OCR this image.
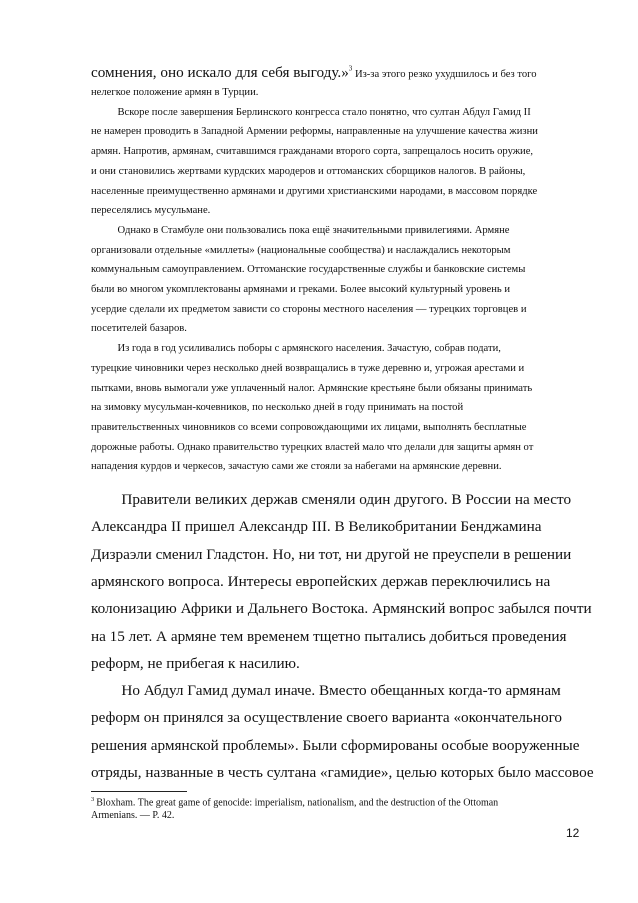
сомнения, оно искало для себя выгоду.»$^3$ Из-за этого резко ухудшилось и без того
нелегкое положение армян в Турции.
Вскоре после завершения Берлинского конгресса стало понятно, что султан Абдул Гамид II
не намерен проводить в Западной Армении реформы, направленные на улучшение качества жизни
армян. Напротив, армянам, считавшимся гражданами второго сорта, запрещалось носить оружие,
и они становились жертвами курдских мародеров и оттоманских сборщиков налогов. В районы,
населенные преимущественно армянами и другими христианскими народами, в массовом порядке
переселялись мусульмане.
Однако в Стамбуле они пользовались пока ещё значительными привилегиями. Армяне
организовали отдельные «миллеты» (национальные сообщества) и наслаждались некоторым
коммунальным самоуправлением. Оттоманские государственные службы и банковские системы
были во многом укомплектованы армянами и греками. Более высокий культурный уровень и
усердие сделали их предметом зависти со стороны местного населения — турецких торговцев и
посетителей базаров.
Из года в год усиливались поборы с армянского населения. Зачастую, собрав подати,
турецкие чиновники через несколько дней возвращались в туже деревню и, угрожая арестами и
пытками, вновь вымогали уже уплаченный налог. Армянские крестьяне были обязаны принимать
на зимовку мусульман-кочевников, по несколько дней в году принимать на постой
правительственных чиновников со всеми сопровождающими их лицами, выполнять бесплатные
дорожные работы. Однако правительство турецких властей мало что делали для защиты армян от
нападения курдов и черкесов, зачастую сами же стояли за набегами на армянские деревни.
Правители великих держав сменяли один другого. В России на место
Александра II пришел Александр III. В Великобритании Бенджамина
Дизраэли сменил Гладстон. Но, ни тот, ни другой не преуспели в решении
армянского вопроса. Интересы европейских держав переключились на
колонизацию Африки и Дальнего Востока. Армянский вопрос забылся почти
на 15 лет. А армяне тем временем тщетно пытались добиться проведения
реформ, не прибегая к насилию.
Но Абдул Гамид думал иначе. Вместо обещанных когда-то армянам
реформ он принялся за осуществление своего варианта «окончательного
решения армянской проблемы». Были сформированы особые вооруженные
отряды, названные в честь султана «гамидие», целью которых было массовое
$^3$ Bloxham. The great game of genocide: imperialism, nationalism, and the destruction of the Ottoman
Armenians. — P. 42.
12
